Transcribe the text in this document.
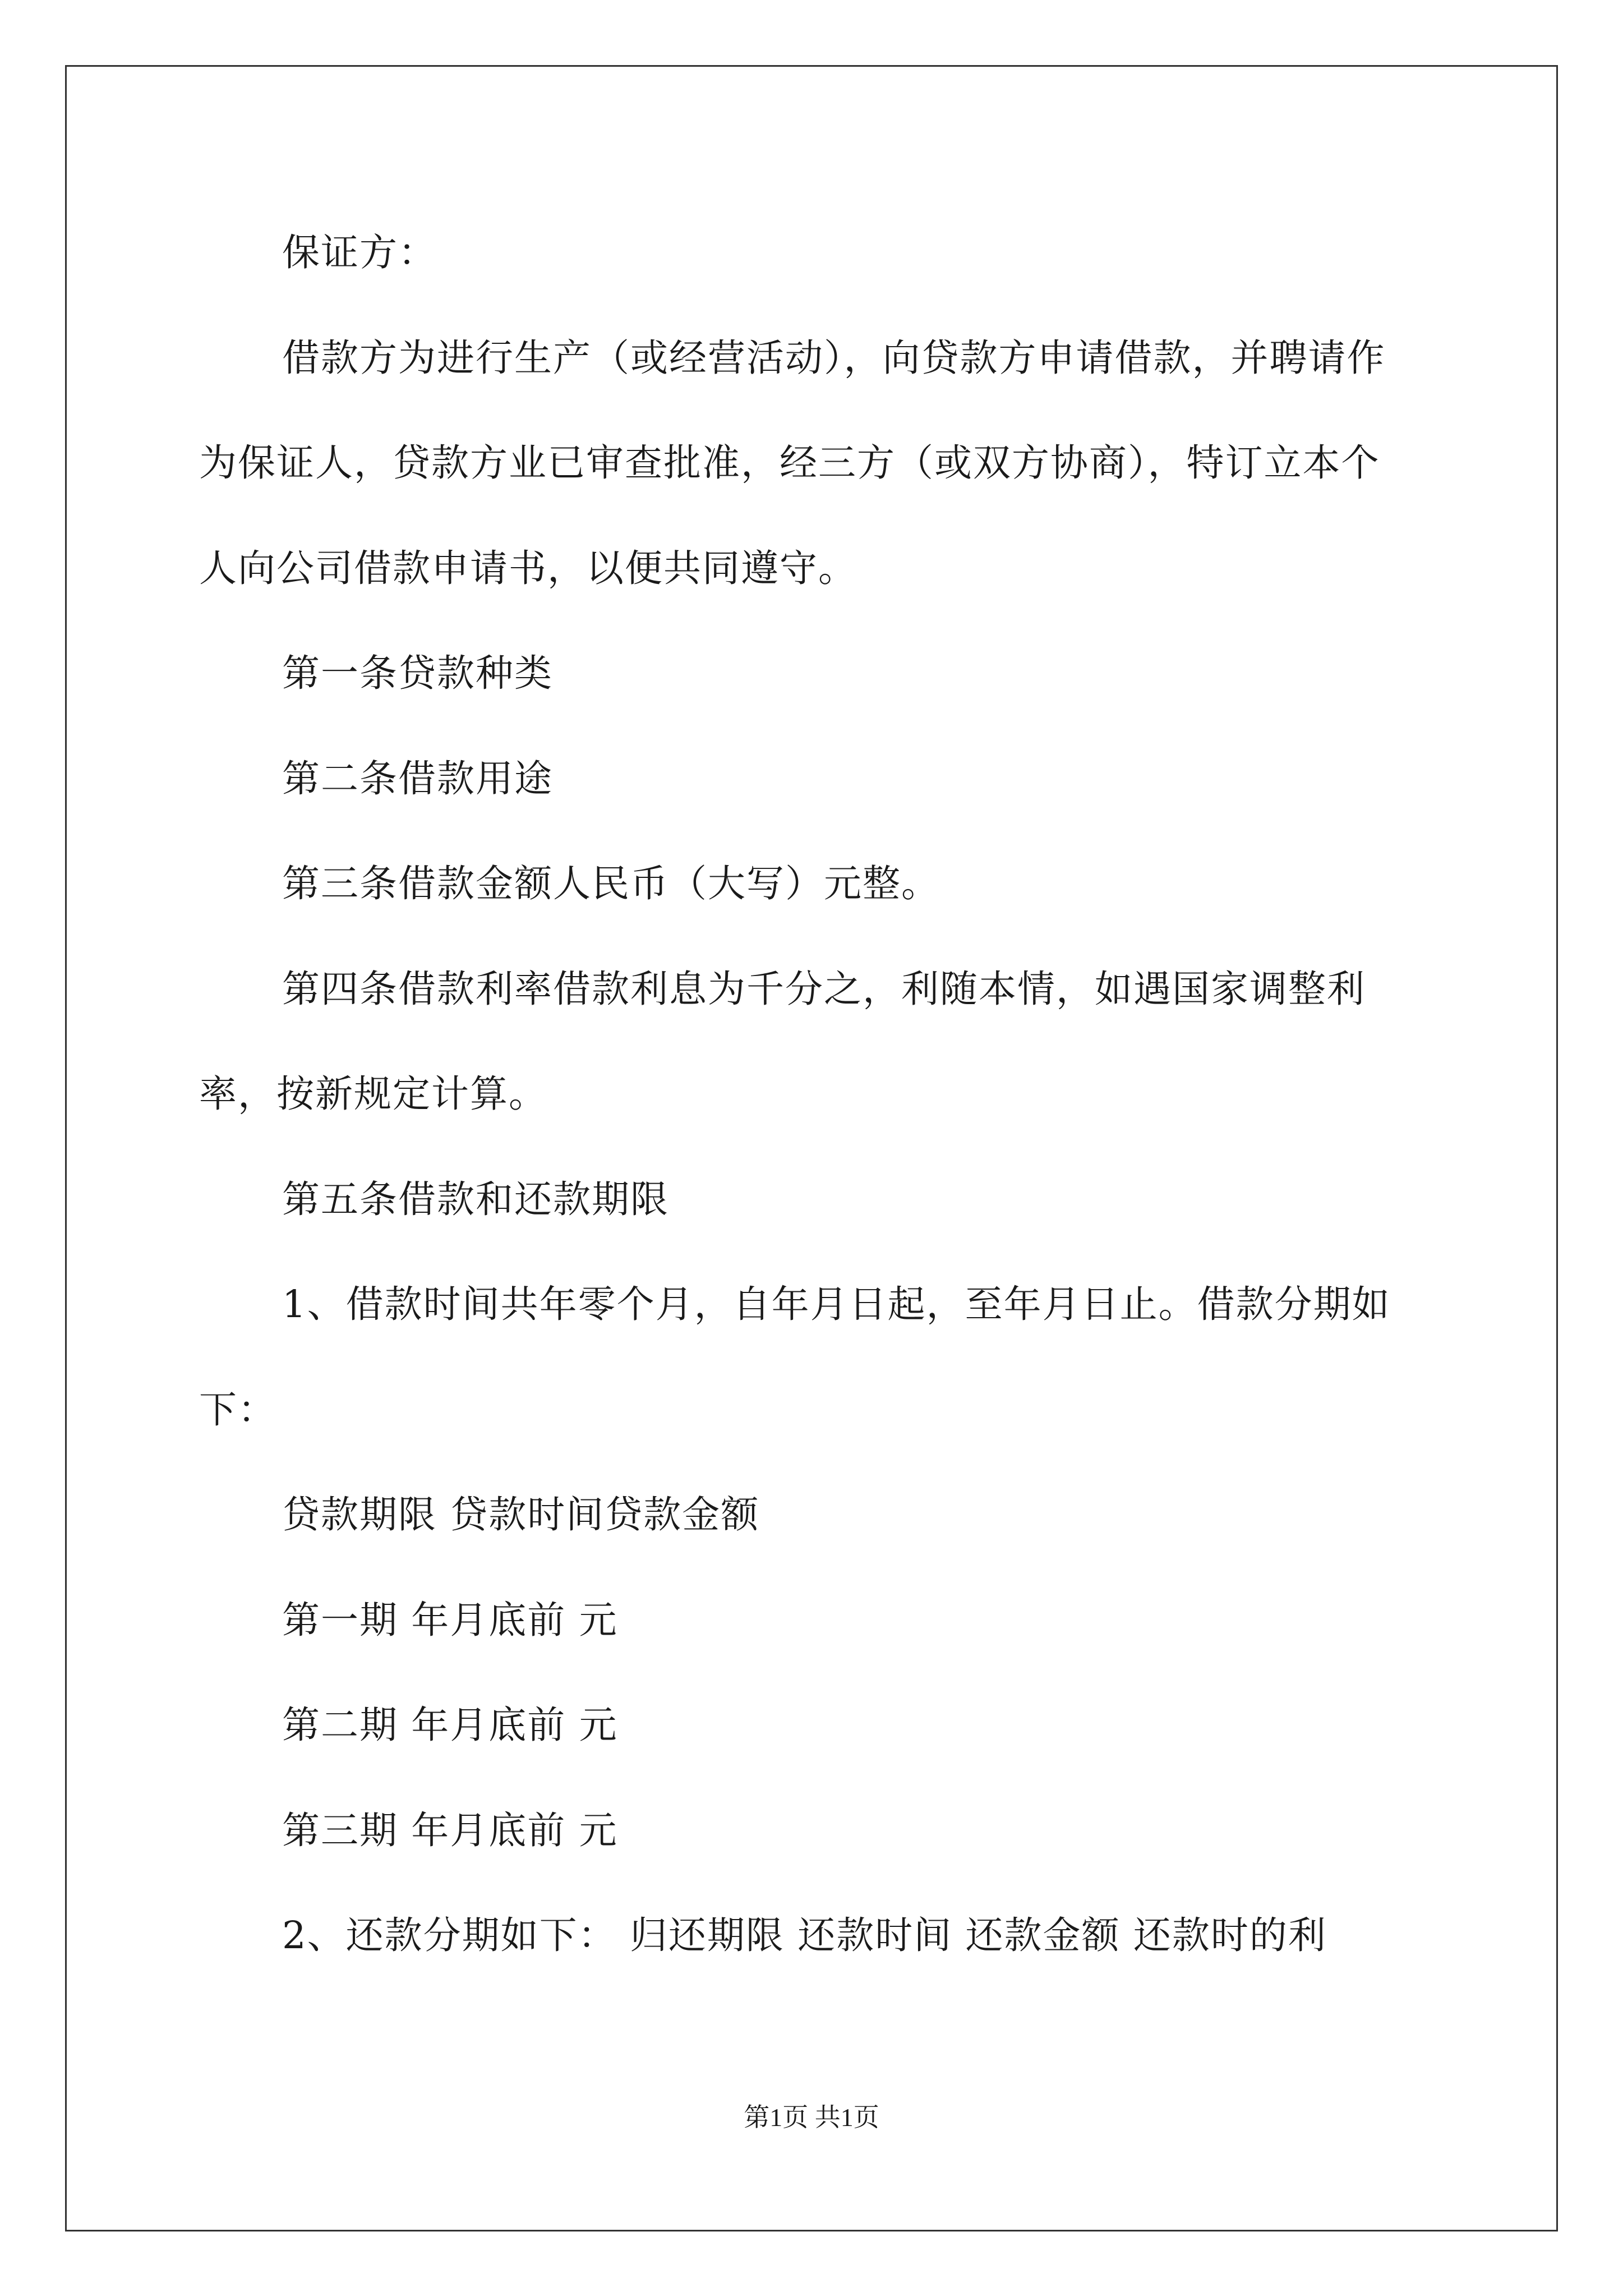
保证方：
借款方为进行生产（或经营活动），向贷款方申请借款，并聘请作
为保证人，贷款方业已审查批准，经三方（或双方协商），特订立本个
人向公司借款申请书，以便共同遵守。
第一条贷款种类
第二条借款用途
第三条借款金额人民币（大写）元整。
第四条借款利率借款利息为千分之，利随本情，如遇国家调整利
率，按新规定计算。
第五条借款和还款期限
1、借款时间共年零个月，自年月日起，至年月日止。借款分期如
下：
贷款期限 贷款时间贷款金额
第一期 年月底前 元
第二期 年月底前 元
第三期 年月底前 元
2、还款分期如下： 归还期限 还款时间 还款金额 还款时的利
第1页 共1页
